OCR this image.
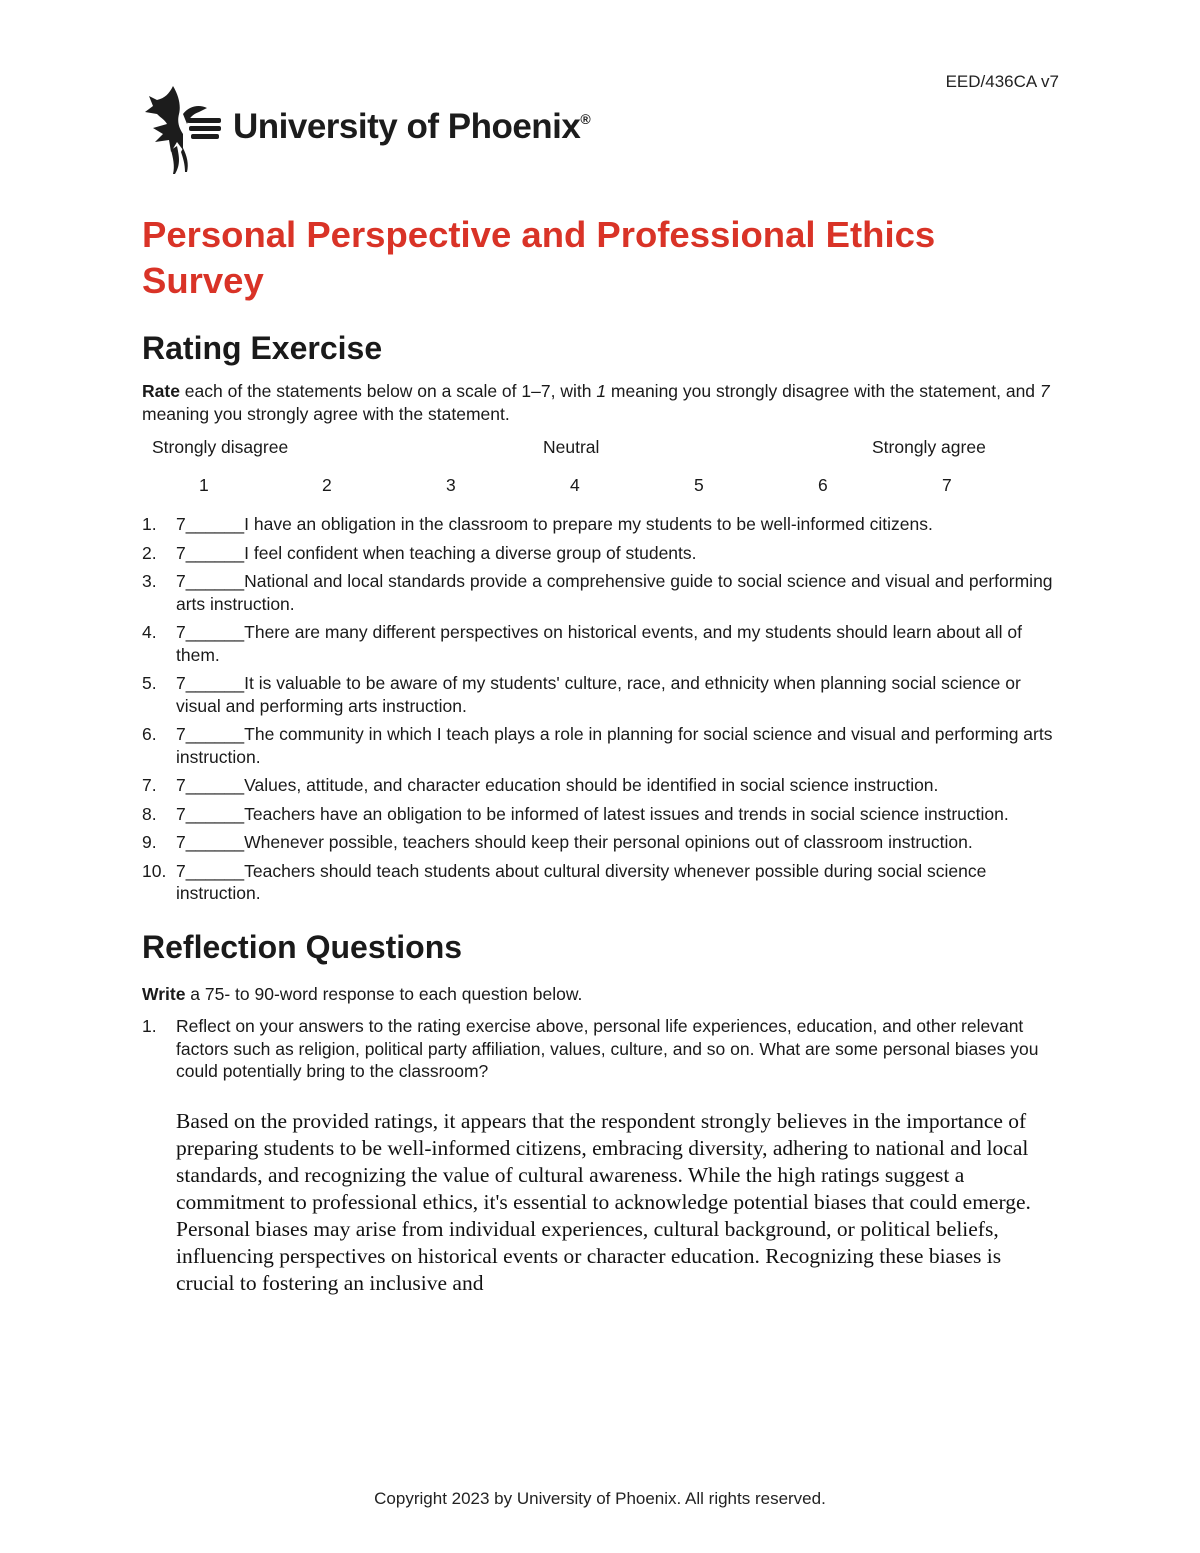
EED/436CA v7
University of Phoenix®
Personal Perspective and Professional Ethics Survey
Rating Exercise
Rate each of the statements below on a scale of 1–7, with 1 meaning you strongly disagree with the statement, and 7 meaning you strongly agree with the statement.
Strongly disagree	Neutral	Strongly agree
1	2	3	4	5	6	7
1.	7______I have an obligation in the classroom to prepare my students to be well-informed citizens.
2.	7______I feel confident when teaching a diverse group of students.
3.	7______National and local standards provide a comprehensive guide to social science and visual and performing arts instruction.
4.	7______There are many different perspectives on historical events, and my students should learn about all of them.
5.	7______It is valuable to be aware of my students' culture, race, and ethnicity when planning social science or visual and performing arts instruction.
6.	7______The community in which I teach plays a role in planning for social science and visual and performing arts instruction.
7.	7______Values, attitude, and character education should be identified in social science instruction.
8.	7______Teachers have an obligation to be informed of latest issues and trends in social science instruction.
9.	7______Whenever possible, teachers should keep their personal opinions out of classroom instruction.
10. 7______Teachers should teach students about cultural diversity whenever possible during social science instruction.
Reflection Questions
Write a 75- to 90-word response to each question below.
1. Reflect on your answers to the rating exercise above, personal life experiences, education, and other relevant factors such as religion, political party affiliation, values, culture, and so on. What are some personal biases you could potentially bring to the classroom?
Based on the provided ratings, it appears that the respondent strongly believes in the importance of preparing students to be well-informed citizens, embracing diversity, adhering to national and local standards, and recognizing the value of cultural awareness. While the high ratings suggest a commitment to professional ethics, it's essential to acknowledge potential biases that could emerge. Personal biases may arise from individual experiences, cultural background, or political beliefs, influencing perspectives on historical events or character education. Recognizing these biases is crucial to fostering an inclusive and
Copyright 2023 by University of Phoenix. All rights reserved.
